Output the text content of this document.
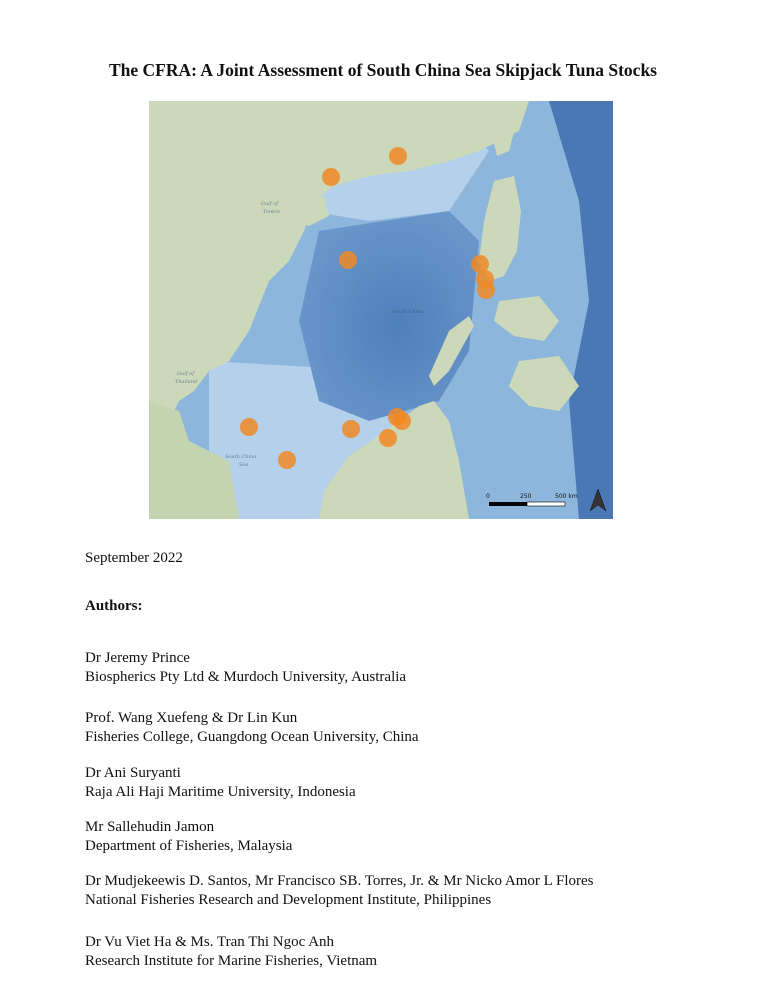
The CFRA: A Joint Assessment of South China Sea Skipjack Tuna Stocks
Gulf of
Tonkin
Gulf of
Thailand
South China
Sea
South China
0	250	500 km

September 2022

Authors:

Dr Jeremy Prince
Biospherics Pty Ltd & Murdoch University, Australia
Prof. Wang Xuefeng & Dr Lin Kun
Fisheries College, Guangdong Ocean University, China
Dr Ani Suryanti
Raja Ali Haji Maritime University, Indonesia
Mr Sallehudin Jamon
Department of Fisheries, Malaysia
Dr Mudjekeewis D. Santos, Mr Francisco SB. Torres, Jr. & Mr Nicko Amor L Flores
National Fisheries Research and Development Institute, Philippines
Dr Vu Viet Ha & Ms. Tran Thi Ngoc Anh
Research Institute for Marine Fisheries, Vietnam
